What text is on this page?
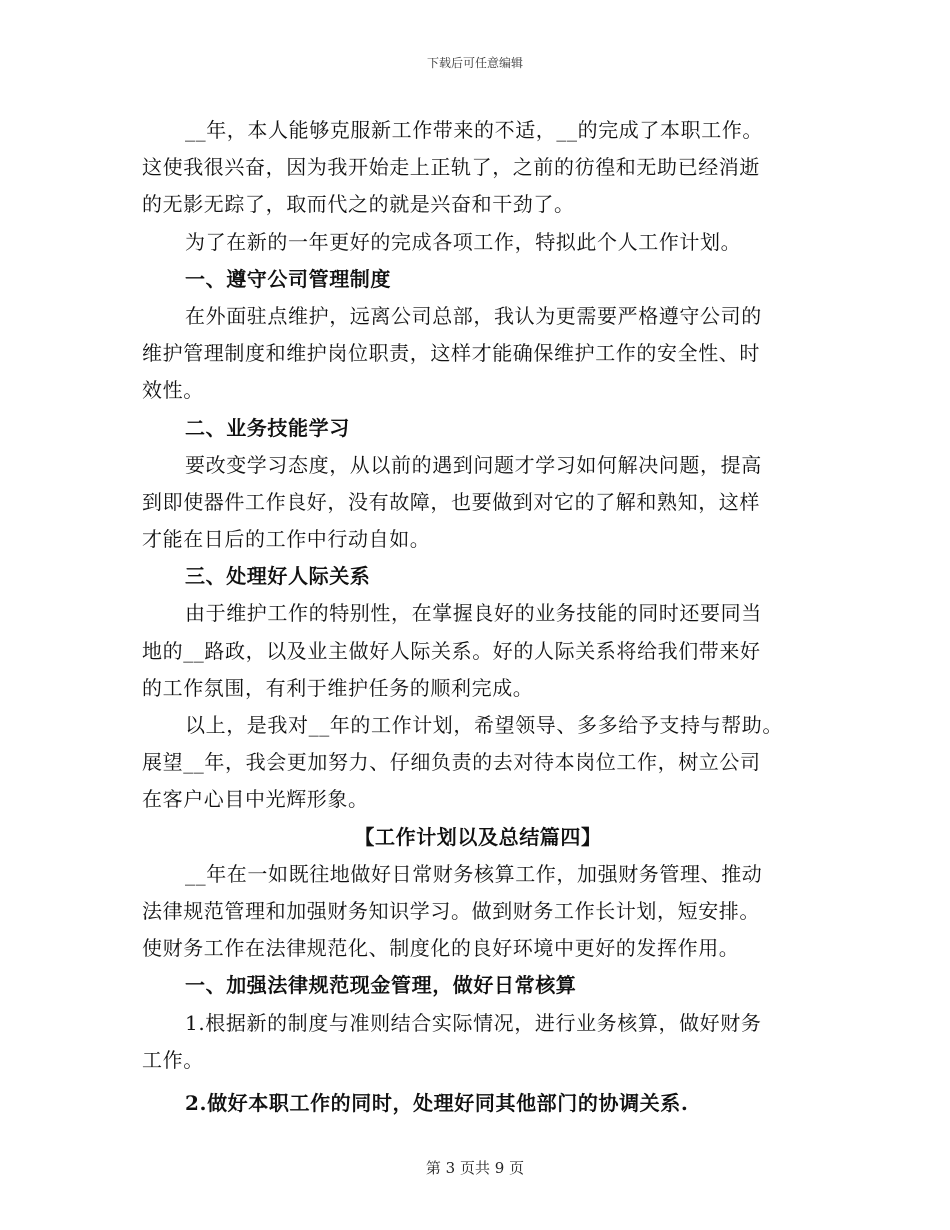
下载后可任意编辑
__年，本人能够克服新工作带来的不适，__的完成了本职工作。
这使我很兴奋，因为我开始走上正轨了，之前的彷徨和无助已经消逝
的无影无踪了，取而代之的就是兴奋和干劲了。
为了在新的一年更好的完成各项工作，特拟此个人工作计划。
一、遵守公司管理制度
在外面驻点维护，远离公司总部，我认为更需要严格遵守公司的
维护管理制度和维护岗位职责，这样才能确保维护工作的安全性、时
效性。
二、业务技能学习
要改变学习态度，从以前的遇到问题才学习如何解决问题，提高
到即使器件工作良好，没有故障，也要做到对它的了解和熟知，这样
才能在日后的工作中行动自如。
三、处理好人际关系
由于维护工作的特别性，在掌握良好的业务技能的同时还要同当
地的__路政，以及业主做好人际关系。好的人际关系将给我们带来好
的工作氛围，有利于维护任务的顺利完成。
以上，是我对__年的工作计划，希望领导、多多给予支持与帮助。
展望__年，我会更加努力、仔细负责的去对待本岗位工作，树立公司
在客户心目中光辉形象。
【工作计划以及总结篇四】
__年在一如既往地做好日常财务核算工作，加强财务管理、推动
法律规范管理和加强财务知识学习。做到财务工作长计划，短安排。
使财务工作在法律规范化、制度化的良好环境中更好的发挥作用。
一、加强法律规范现金管理，做好日常核算
1.根据新的制度与准则结合实际情况，进行业务核算，做好财务
工作。
2.做好本职工作的同时，处理好同其他部门的协调关系.
第 3 页共 9 页
